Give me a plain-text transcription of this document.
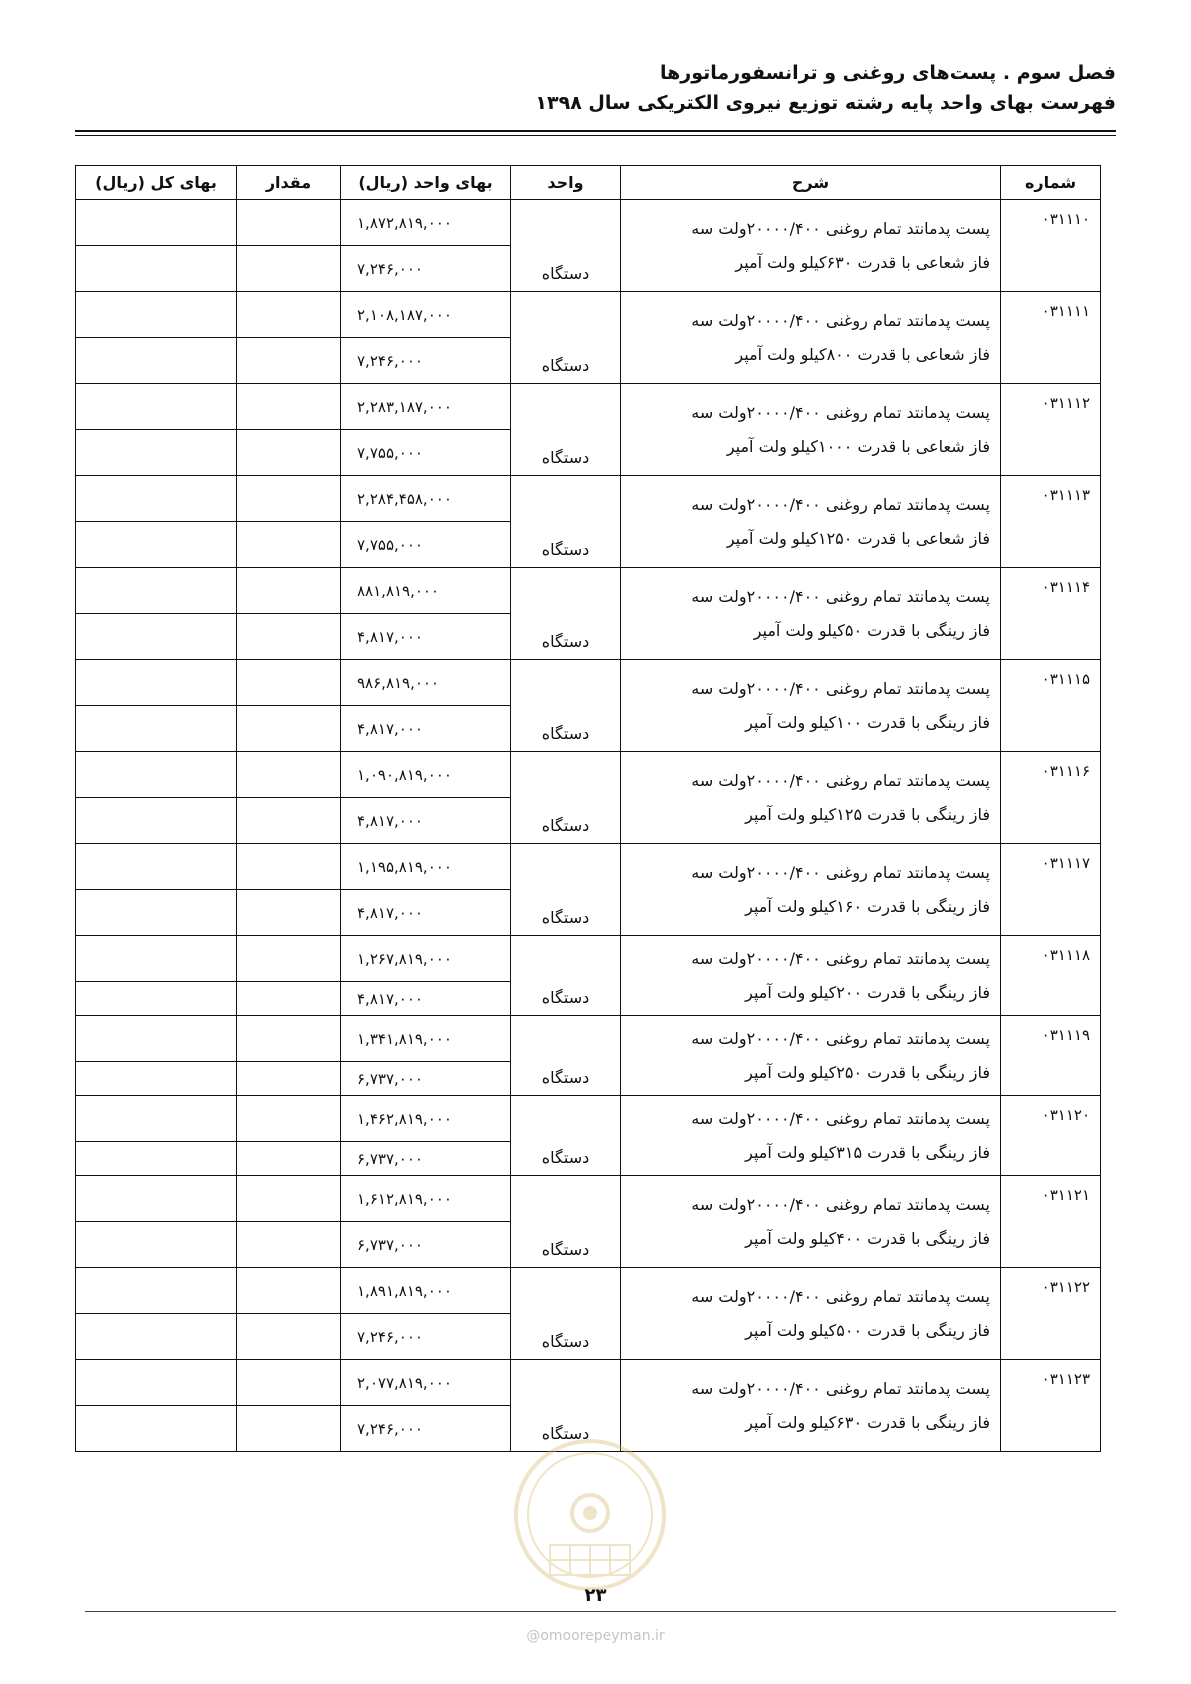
فصل سوم . پست‌های روغنی و ترانسفورماتورها
فهرست بهای واحد پایه رشته توزیع نیروی الکتریکی سال ۱۳۹۸
شماره	شرح	واحد	بهای واحد (ریال)	مقدار	بهای کل (ریال)
۰۳۱۱۱۰	پست پدمانتد تمام روغنی ۲۰۰۰۰/۴۰۰ولت سه
فاز شعاعی با قدرت ۶۳۰کیلو ولت آمپر	دستگاه	۱,۸۷۲,۸۱۹,۰۰۰		
			۷,۲۴۶,۰۰۰		
۰۳۱۱۱۱	پست پدمانتد تمام روغنی ۲۰۰۰۰/۴۰۰ولت سه
فاز شعاعی با قدرت ۸۰۰کیلو ولت آمپر	دستگاه	۲,۱۰۸,۱۸۷,۰۰۰		
			۷,۲۴۶,۰۰۰		
۰۳۱۱۱۲	پست پدمانتد تمام روغنی ۲۰۰۰۰/۴۰۰ولت سه
فاز شعاعی با قدرت ۱۰۰۰کیلو ولت آمپر	دستگاه	۲,۲۸۳,۱۸۷,۰۰۰		
			۷,۷۵۵,۰۰۰		
۰۳۱۱۱۳	پست پدمانتد تمام روغنی ۲۰۰۰۰/۴۰۰ولت سه
فاز شعاعی با قدرت ۱۲۵۰کیلو ولت آمپر	دستگاه	۲,۲۸۴,۴۵۸,۰۰۰		
			۷,۷۵۵,۰۰۰		
۰۳۱۱۱۴	پست پدمانتد تمام روغنی ۲۰۰۰۰/۴۰۰ولت سه
فاز رینگی با قدرت ۵۰کیلو ولت آمپر	دستگاه	۸۸۱,۸۱۹,۰۰۰		
			۴,۸۱۷,۰۰۰		
۰۳۱۱۱۵	پست پدمانتد تمام روغنی ۲۰۰۰۰/۴۰۰ولت سه
فاز رینگی با قدرت ۱۰۰کیلو ولت آمپر	دستگاه	۹۸۶,۸۱۹,۰۰۰		
			۴,۸۱۷,۰۰۰		
۰۳۱۱۱۶	پست پدمانتد تمام روغنی ۲۰۰۰۰/۴۰۰ولت سه
فاز رینگی با قدرت ۱۲۵کیلو ولت آمپر	دستگاه	۱,۰۹۰,۸۱۹,۰۰۰		
			۴,۸۱۷,۰۰۰		
۰۳۱۱۱۷	پست پدمانتد تمام روغنی ۲۰۰۰۰/۴۰۰ولت سه
فاز رینگی با قدرت ۱۶۰کیلو ولت آمپر	دستگاه	۱,۱۹۵,۸۱۹,۰۰۰		
			۴,۸۱۷,۰۰۰		
۰۳۱۱۱۸	پست پدمانتد تمام روغنی ۲۰۰۰۰/۴۰۰ولت سه
فاز رینگی با قدرت ۲۰۰کیلو ولت آمپر	دستگاه	۱,۲۶۷,۸۱۹,۰۰۰		
			۴,۸۱۷,۰۰۰		
۰۳۱۱۱۹	پست پدمانتد تمام روغنی ۲۰۰۰۰/۴۰۰ولت سه
فاز رینگی با قدرت ۲۵۰کیلو ولت آمپر	دستگاه	۱,۳۴۱,۸۱۹,۰۰۰		
			۶,۷۳۷,۰۰۰		
۰۳۱۱۲۰	پست پدمانتد تمام روغنی ۲۰۰۰۰/۴۰۰ولت سه
فاز رینگی با قدرت ۳۱۵کیلو ولت آمپر	دستگاه	۱,۴۶۲,۸۱۹,۰۰۰		
			۶,۷۳۷,۰۰۰		
۰۳۱۱۲۱	پست پدمانتد تمام روغنی ۲۰۰۰۰/۴۰۰ولت سه
فاز رینگی با قدرت ۴۰۰کیلو ولت آمپر	دستگاه	۱,۶۱۲,۸۱۹,۰۰۰		
			۶,۷۳۷,۰۰۰		
۰۳۱۱۲۲	پست پدمانتد تمام روغنی ۲۰۰۰۰/۴۰۰ولت سه
فاز رینگی با قدرت ۵۰۰کیلو ولت آمپر	دستگاه	۱,۸۹۱,۸۱۹,۰۰۰		
			۷,۲۴۶,۰۰۰		
۰۳۱۱۲۳	پست پدمانتد تمام روغنی ۲۰۰۰۰/۴۰۰ولت سه
فاز رینگی با قدرت ۶۳۰کیلو ولت آمپر	دستگاه	۲,۰۷۷,۸۱۹,۰۰۰		
			۷,۲۴۶,۰۰۰		
۲۳
@omoorepeyman.ir
